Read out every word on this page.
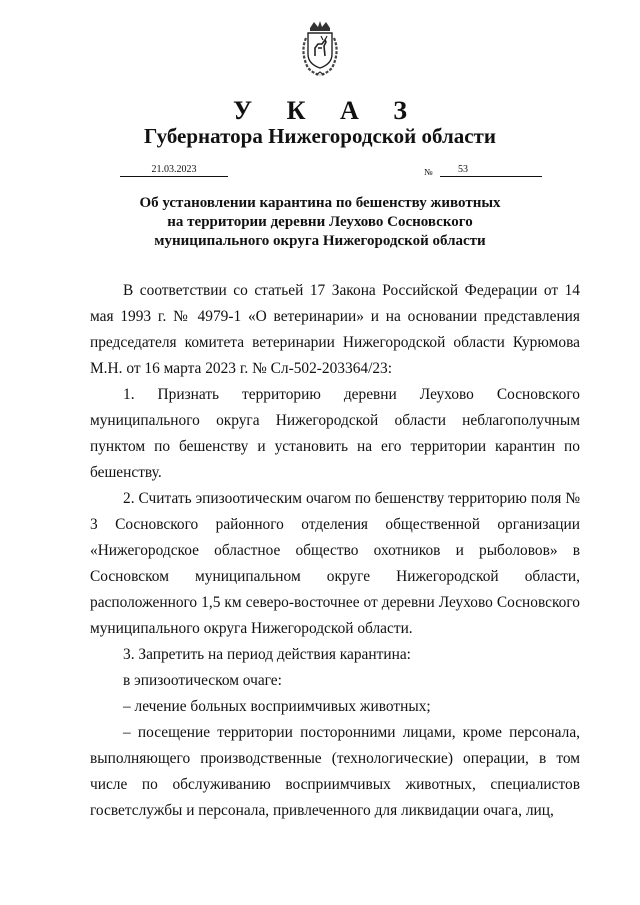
У К А З
Губернатора Нижегородской области
21.03.2023	№	53
Об установлении карантина по бешенству животных
на территории деревни Леухово Сосновского
муниципального округа Нижегородской области

В соответствии со статьей 17 Закона Российской Федерации от 14 мая 1993 г. № 4979-1 «О ветеринарии» и на основании представления председателя комитета ветеринарии Нижегородской области Курюмова М.Н. от 16 марта 2023 г. № Сл-502-203364/23:

1. Признать территорию деревни Леухово Сосновского муниципального округа Нижегородской области неблагополучным пунктом по бешенству и установить на его территории карантин по бешенству.

2. Считать эпизоотическим очагом по бешенству территорию поля № 3 Сосновского районного отделения общественной организации «Нижегородское областное общество охотников и рыболовов» в Сосновском муниципальном округе Нижегородской области, расположенного 1,5 км северо-восточнее от деревни Леухово Сосновского муниципального округа Нижегородской области.

3. Запретить на период действия карантина:

в эпизоотическом очаге:

– лечение больных восприимчивых животных;

– посещение территории посторонними лицами, кроме персонала, выполняющего производственные (технологические) операции, в том числе по обслуживанию восприимчивых животных, специалистов госветслужбы и персонала, привлеченного для ликвидации очага, лиц,
